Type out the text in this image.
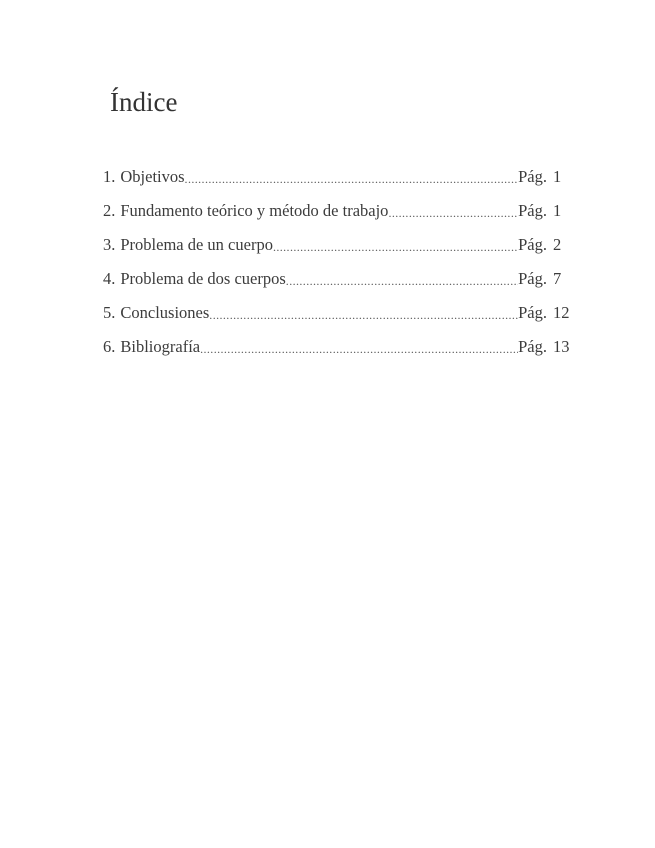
Índice
1. Objetivos .....	Pág. 1
2. Fundamento teórico y método de trabajo .....	Pág. 1
3. Problema de un cuerpo .....	Pág. 2
4. Problema de dos cuerpos .....	Pág. 7
5. Conclusiones .....	Pág. 12
6. Bibliografía .....	Pág. 13
